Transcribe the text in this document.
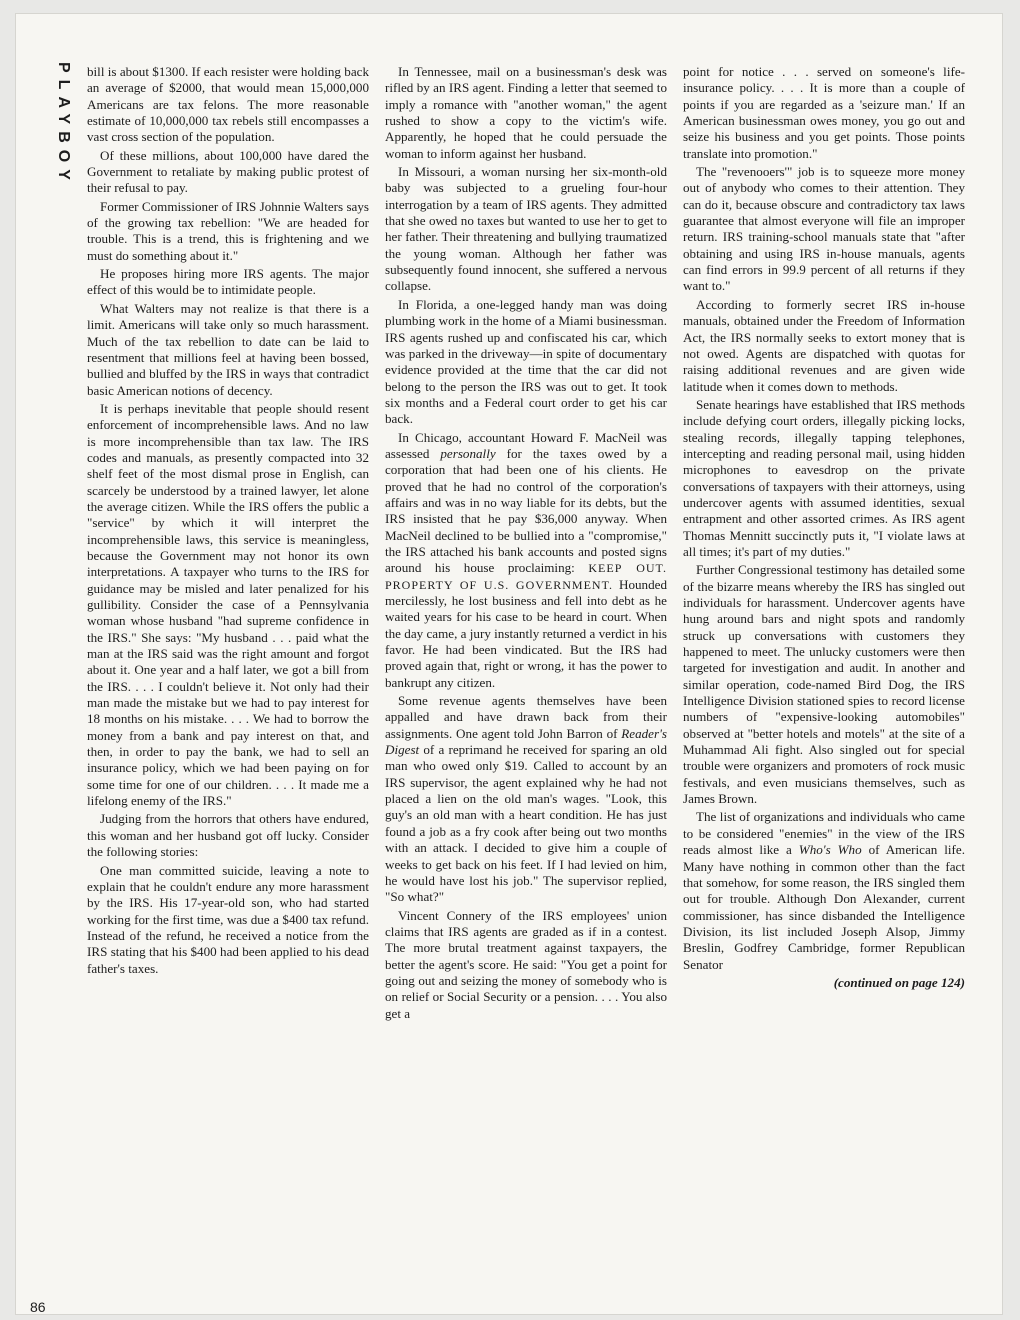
PLAYBOY
86

bill is about $1300. If each resister were holding back an average of $2000, that would mean 15,000,000 Americans are tax felons. The more reasonable estimate of 10,000,000 tax rebels still encompasses a vast cross section of the population.

Of these millions, about 100,000 have dared the Government to retaliate by making public protest of their refusal to pay.

Former Commissioner of IRS Johnnie Walters says of the growing tax rebellion: "We are headed for trouble. This is a trend, this is frightening and we must do something about it."

He proposes hiring more IRS agents. The major effect of this would be to intimidate people.

What Walters may not realize is that there is a limit. Americans will take only so much harassment. Much of the tax rebellion to date can be laid to resentment that millions feel at having been bossed, bullied and bluffed by the IRS in ways that contradict basic American notions of decency.

It is perhaps inevitable that people should resent enforcement of incomprehensible laws. And no law is more incomprehensible than tax law. The IRS codes and manuals, as presently compacted into 32 shelf feet of the most dismal prose in English, can scarcely be understood by a trained lawyer, let alone the average citizen. While the IRS offers the public a "service" by which it will interpret the incomprehensible laws, this service is meaningless, because the Government may not honor its own interpretations. A taxpayer who turns to the IRS for guidance may be misled and later penalized for his gullibility. Consider the case of a Pennsylvania woman whose husband "had supreme confidence in the IRS." She says: "My husband . . . paid what the man at the IRS said was the right amount and forgot about it. One year and a half later, we got a bill from the IRS. . . . I couldn't believe it. Not only had their man made the mistake but we had to pay interest for 18 months on his mistake. . . . We had to borrow the money from a bank and pay interest on that, and then, in order to pay the bank, we had to sell an insurance policy, which we had been paying on for some time for one of our children. . . . It made me a lifelong enemy of the IRS."

Judging from the horrors that others have endured, this woman and her husband got off lucky. Consider the following stories:

One man committed suicide, leaving a note to explain that he couldn't endure any more harassment by the IRS. His 17-year-old son, who had started working for the first time, was due a $400 tax refund. Instead of the refund, he received a notice from the IRS stating that his $400 had been applied to his dead father's taxes.

In Tennessee, mail on a businessman's desk was rifled by an IRS agent. Finding a letter that seemed to imply a romance with "another woman," the agent rushed to show a copy to the victim's wife. Apparently, he hoped that he could persuade the woman to inform against her husband.

In Missouri, a woman nursing her six-month-old baby was subjected to a grueling four-hour interrogation by a team of IRS agents. They admitted that she owed no taxes but wanted to use her to get to her father. Their threatening and bullying traumatized the young woman. Although her father was subsequently found innocent, she suffered a nervous collapse.

In Florida, a one-legged handy man was doing plumbing work in the home of a Miami businessman. IRS agents rushed up and confiscated his car, which was parked in the driveway—in spite of documentary evidence provided at the time that the car did not belong to the person the IRS was out to get. It took six months and a Federal court order to get his car back.

In Chicago, accountant Howard F. MacNeil was assessed personally for the taxes owed by a corporation that had been one of his clients. He proved that he had no control of the corporation's affairs and was in no way liable for its debts, but the IRS insisted that he pay $36,000 anyway. When MacNeil declined to be bullied into a "compromise," the IRS attached his bank accounts and posted signs around his house proclaiming: KEEP OUT. PROPERTY OF U.S. GOVERNMENT. Hounded mercilessly, he lost business and fell into debt as he waited years for his case to be heard in court. When the day came, a jury instantly returned a verdict in his favor. He had been vindicated. But the IRS had proved again that, right or wrong, it has the power to bankrupt any citizen.

Some revenue agents themselves have been appalled and have drawn back from their assignments. One agent told John Barron of Reader's Digest of a reprimand he received for sparing an old man who owed only $19. Called to account by an IRS supervisor, the agent explained why he had not placed a lien on the old man's wages. "Look, this guy's an old man with a heart condition. He has just found a job as a fry cook after being out two months with an attack. I decided to give him a couple of weeks to get back on his feet. If I had levied on him, he would have lost his job." The supervisor replied, "So what?"

Vincent Connery of the IRS employees' union claims that IRS agents are graded as if in a contest. The more brutal treatment against taxpayers, the better the agent's score. He said: "You get a point for going out and seizing the money of somebody who is on relief or Social Security or a pension. . . . You also get a

point for notice . . . served on someone's life-insurance policy. . . . It is more than a couple of points if you are regarded as a 'seizure man.' If an American businessman owes money, you go out and seize his business and you get points. Those points translate into promotion."

The "revenooers'" job is to squeeze more money out of anybody who comes to their attention. They can do it, because obscure and contradictory tax laws guarantee that almost everyone will file an improper return. IRS training-school manuals state that "after obtaining and using IRS in-house manuals, agents can find errors in 99.9 percent of all returns if they want to."

According to formerly secret IRS in-house manuals, obtained under the Freedom of Information Act, the IRS normally seeks to extort money that is not owed. Agents are dispatched with quotas for raising additional revenues and are given wide latitude when it comes down to methods.

Senate hearings have established that IRS methods include defying court orders, illegally picking locks, stealing records, illegally tapping telephones, intercepting and reading personal mail, using hidden microphones to eavesdrop on the private conversations of taxpayers with their attorneys, using undercover agents with assumed identities, sexual entrapment and other assorted crimes. As IRS agent Thomas Mennitt succinctly puts it, "I violate laws at all times; it's part of my duties."

Further Congressional testimony has detailed some of the bizarre means whereby the IRS has singled out individuals for harassment. Undercover agents have hung around bars and night spots and randomly struck up conversations with customers they happened to meet. The unlucky customers were then targeted for investigation and audit. In another and similar operation, code-named Bird Dog, the IRS Intelligence Division stationed spies to record license numbers of "expensive-looking automobiles" observed at "better hotels and motels" at the site of a Muhammad Ali fight. Also singled out for special trouble were organizers and promoters of rock music festivals, and even musicians themselves, such as James Brown.

The list of organizations and individuals who came to be considered "enemies" in the view of the IRS reads almost like a Who's Who of American life. Many have nothing in common other than the fact that somehow, for some reason, the IRS singled them out for trouble. Although Don Alexander, current commissioner, has since disbanded the Intelligence Division, its list included Joseph Alsop, Jimmy Breslin, Godfrey Cambridge, former Republican Senator

(continued on page 124)
